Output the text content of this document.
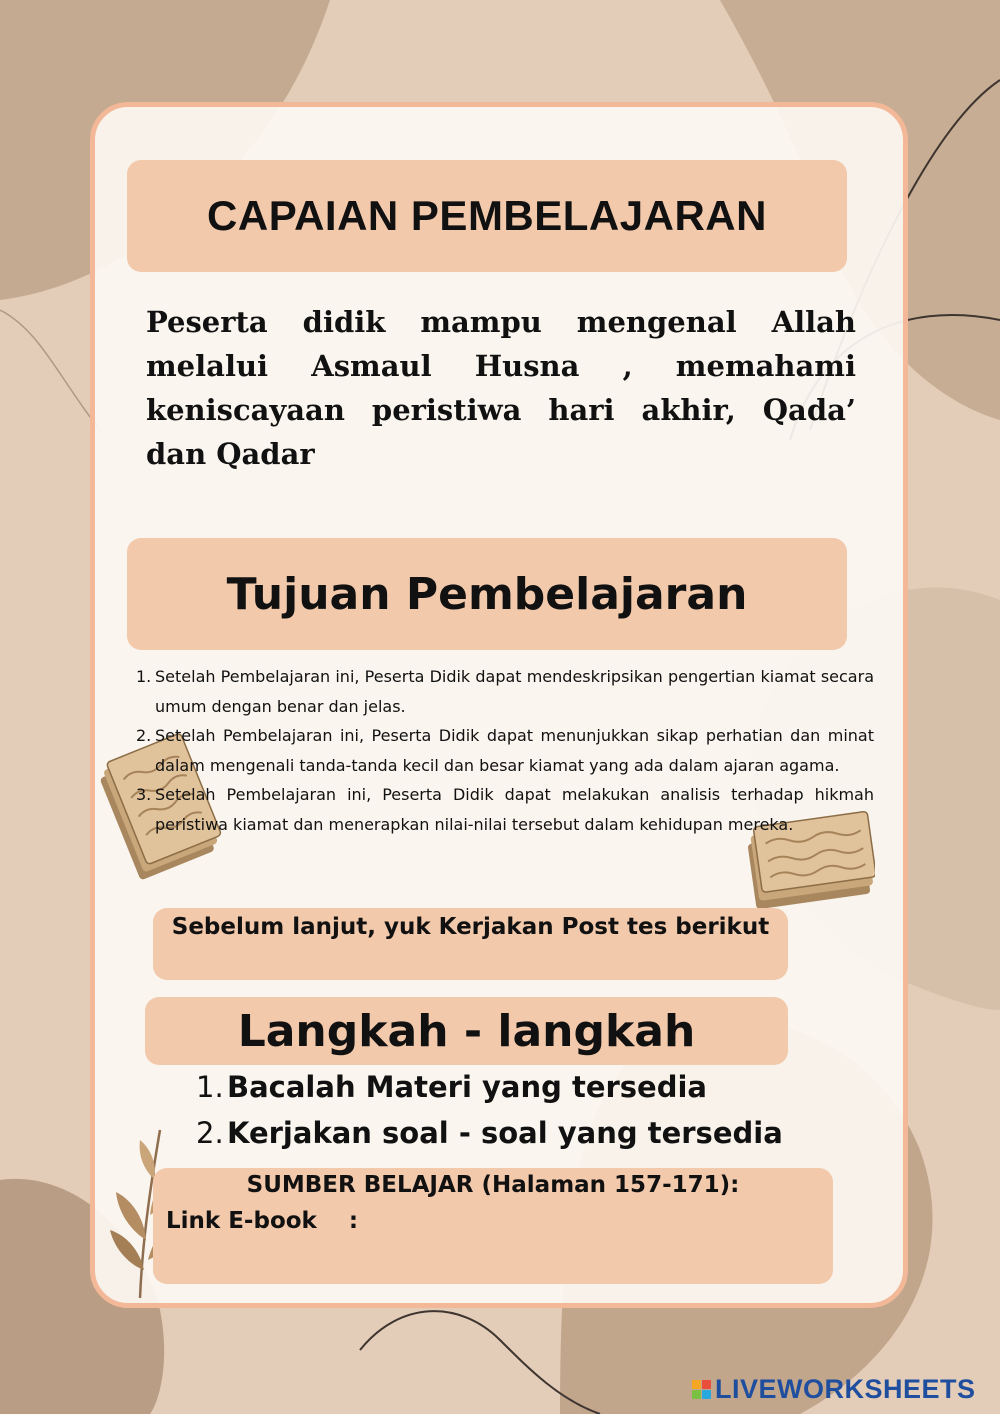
CAPAIAN PEMBELAJARAN
Peserta didik mampu mengenal Allah melalui Asmaul Husna , memahami keniscayaan peristiwa hari akhir, Qada’ dan Qadar
Tujuan Pembelajaran
1. Setelah Pembelajaran ini, Peserta Didik dapat mendeskripsikan pengertian kiamat secara umum dengan benar dan jelas.
2. Setelah Pembelajaran ini, Peserta Didik dapat menunjukkan sikap perhatian dan minat dalam mengenali tanda-tanda kecil dan besar kiamat yang ada dalam ajaran agama.
3. Setelah Pembelajaran ini, Peserta Didik dapat melakukan analisis terhadap hikmah peristiwa kiamat dan menerapkan nilai-nilai tersebut dalam kehidupan mereka.
Sebelum lanjut, yuk Kerjakan Post tes berikut
Langkah - langkah
1. Bacalah Materi yang tersedia
2. Kerjakan soal - soal yang tersedia
SUMBER BELAJAR (Halaman 157-171):
Link E-book    :
LIVEWORKSHEETS
